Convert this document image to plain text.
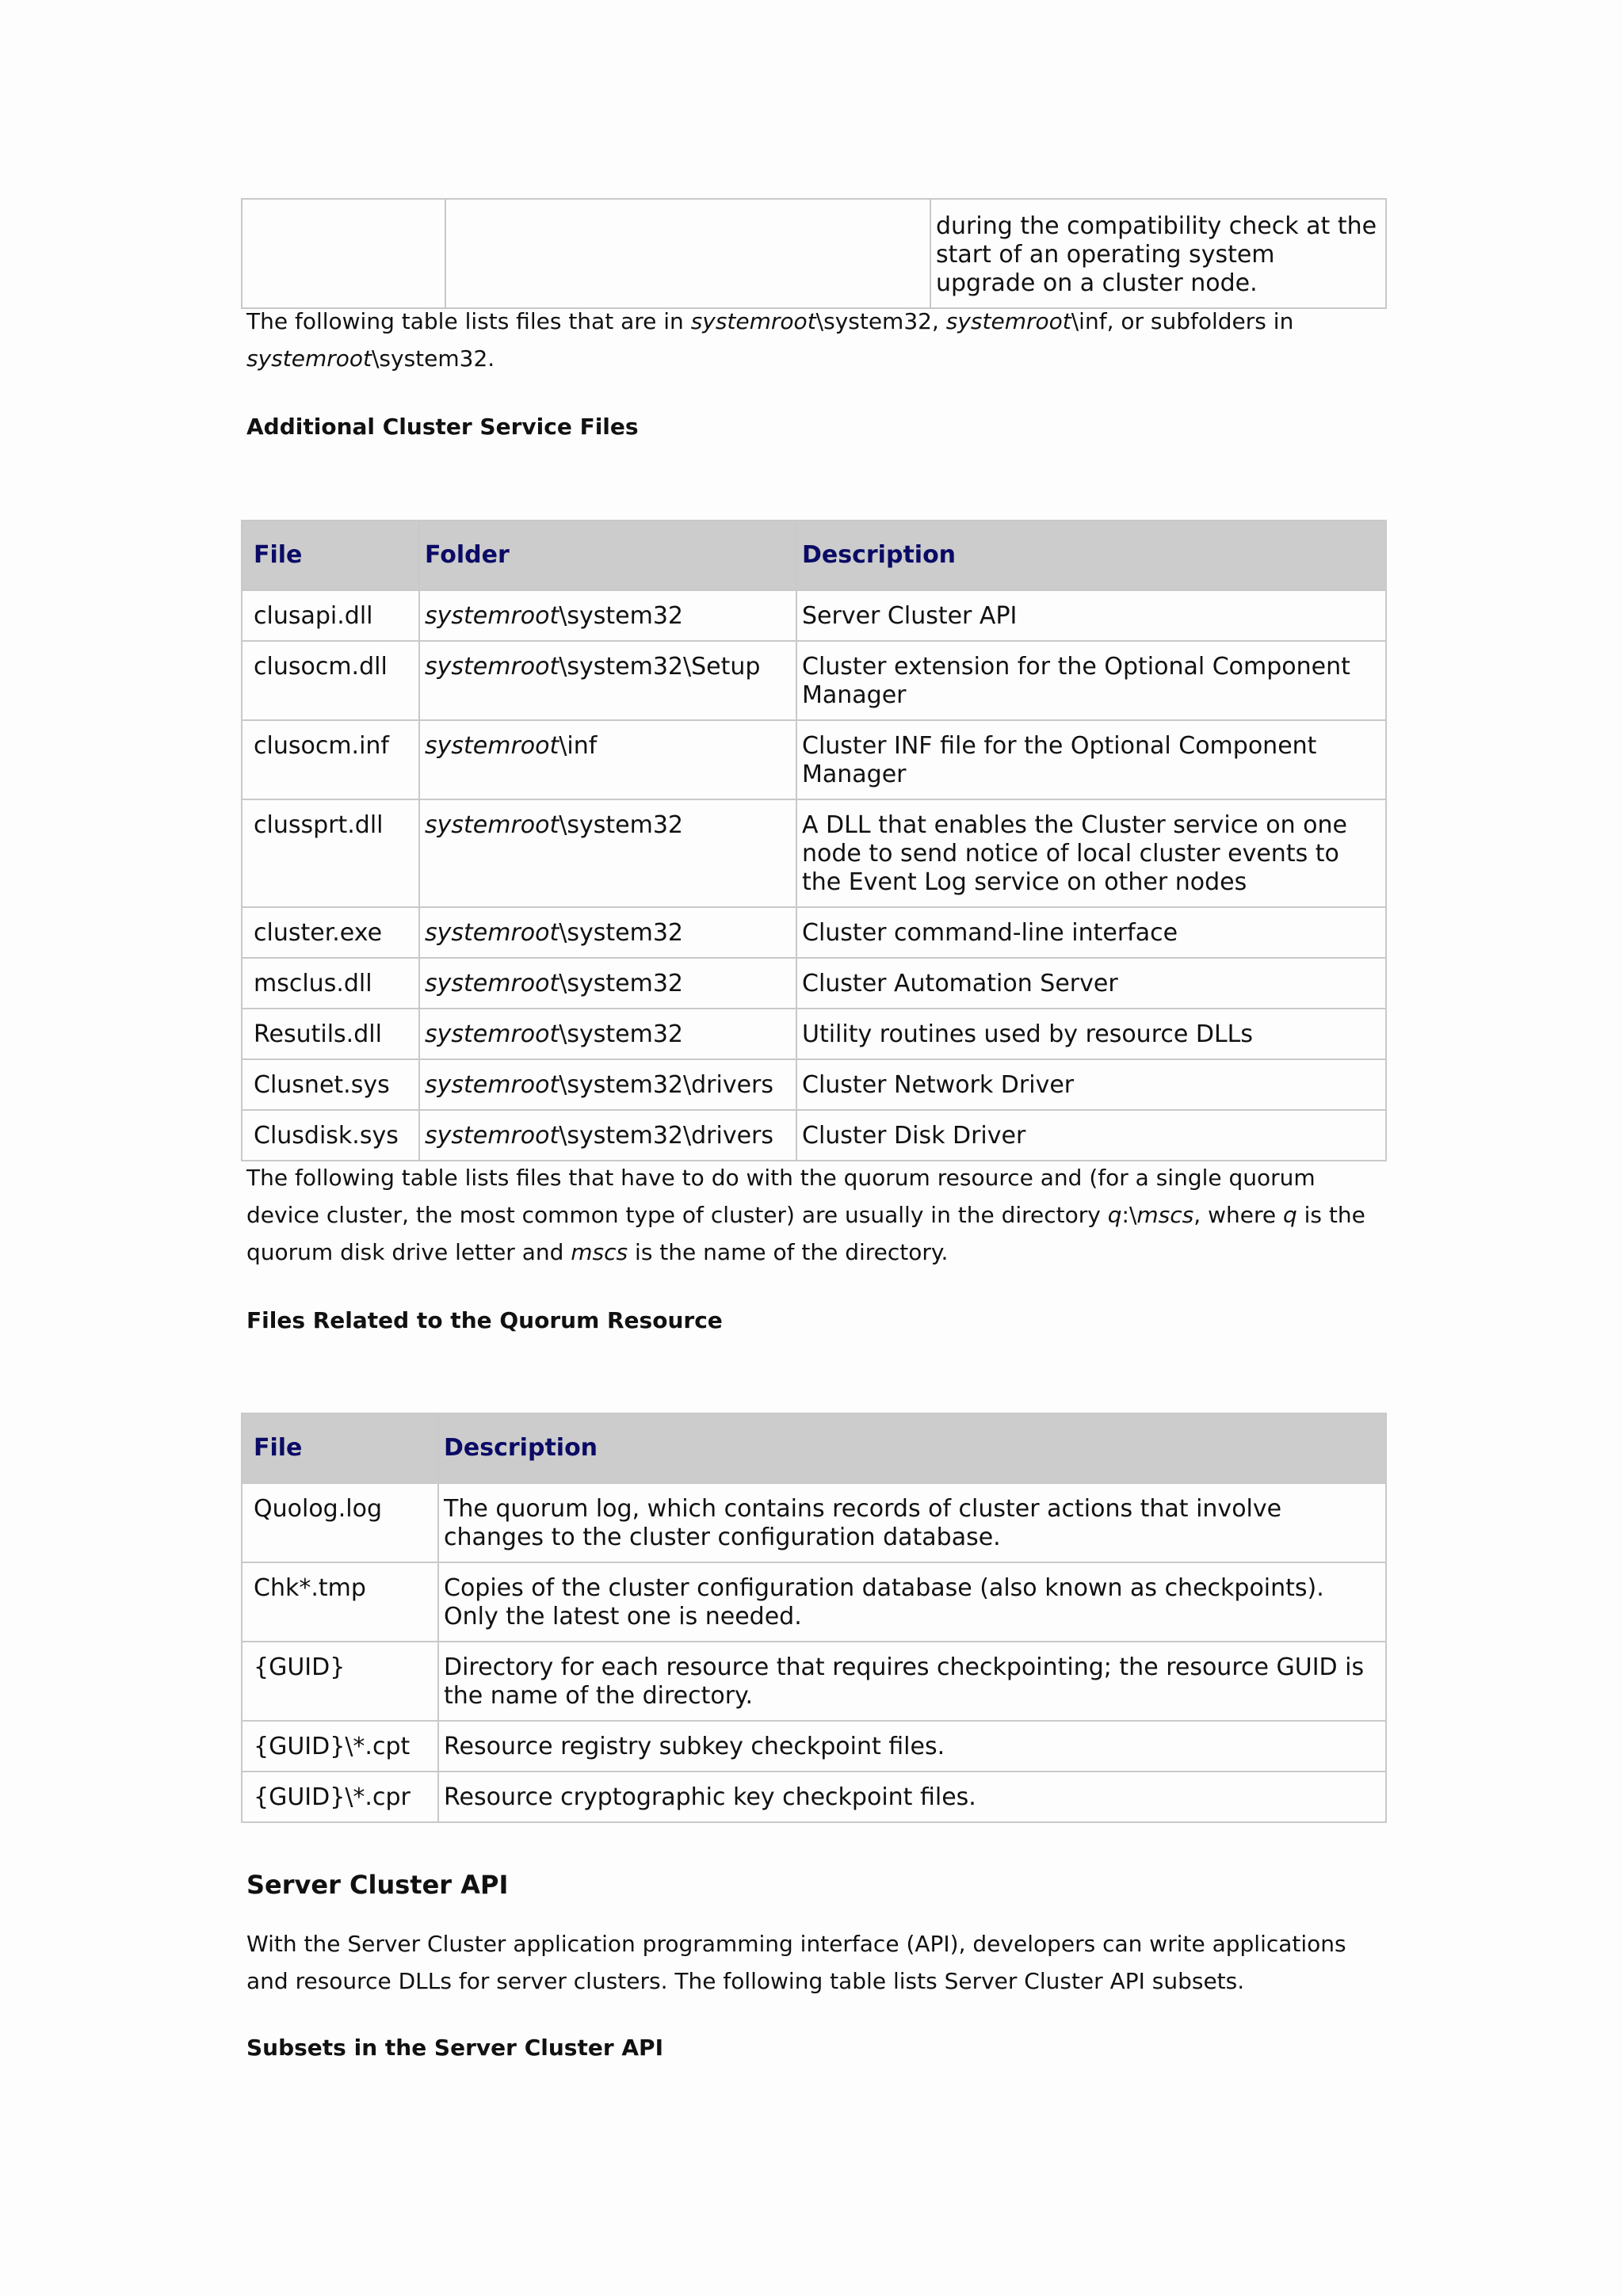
		during the compatibility check at the start of an operating system upgrade on a cluster node.

The following table lists files that are in systemroot\system32, systemroot\inf, or subfolders in
systemroot\system32.

Additional Cluster Service Files

File	Folder	Description
clusapi.dll	systemroot\system32	Server Cluster API
clusocm.dll	systemroot\system32\Setup	Cluster extension for the Optional Component Manager
clusocm.inf	systemroot\inf	Cluster INF file for the Optional Component Manager
clussprt.dll	systemroot\system32	A DLL that enables the Cluster service on one node to send notice of local cluster events to the Event Log service on other nodes
cluster.exe	systemroot\system32	Cluster command-line interface
msclus.dll	systemroot\system32	Cluster Automation Server
Resutils.dll	systemroot\system32	Utility routines used by resource DLLs
Clusnet.sys	systemroot\system32\drivers	Cluster Network Driver
Clusdisk.sys	systemroot\system32\drivers	Cluster Disk Driver

The following table lists files that have to do with the quorum resource and (for a single quorum device cluster, the most common type of cluster) are usually in the directory q:\mscs, where q is the quorum disk drive letter and mscs is the name of the directory.

Files Related to the Quorum Resource

File	Description
Quolog.log	The quorum log, which contains records of cluster actions that involve changes to the cluster configuration database.
Chk*.tmp	Copies of the cluster configuration database (also known as checkpoints). Only the latest one is needed.
{GUID}	Directory for each resource that requires checkpointing; the resource GUID is the name of the directory.
{GUID}\*.cpt	Resource registry subkey checkpoint files.
{GUID}\*.cpr	Resource cryptographic key checkpoint files.
Server Cluster API

With the Server Cluster application programming interface (API), developers can write applications and resource DLLs for server clusters. The following table lists Server Cluster API subsets.

Subsets in the Server Cluster API
